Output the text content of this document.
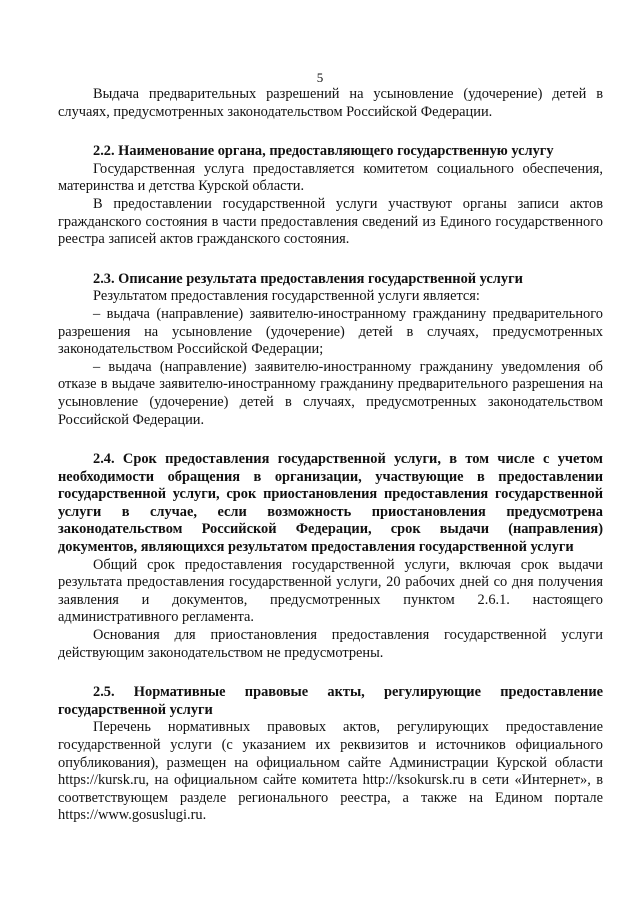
5

Выдача предварительных разрешений на усыновление (удочерение) детей в случаях, предусмотренных законодательством Российской Федерации.

2.2. Наименование органа, предоставляющего государственную услугу

Государственная услуга предоставляется комитетом социального обеспечения, материнства и детства Курской области.

В предоставлении государственной услуги участвуют органы записи актов гражданского состояния в части предоставления сведений из Единого государственного реестра записей актов гражданского состояния.

2.3. Описание результата предоставления государственной услуги

Результатом предоставления государственной услуги является:

– выдача (направление) заявителю-иностранному гражданину предварительного разрешения на усыновление (удочерение) детей в случаях, предусмотренных законодательством Российской Федерации;

– выдача (направление) заявителю-иностранному гражданину уведомления об отказе в выдаче заявителю-иностранному гражданину предварительного разрешения на усыновление (удочерение) детей в случаях, предусмотренных законодательством Российской Федерации.

2.4. Срок предоставления государственной услуги, в том числе с учетом необходимости обращения в организации, участвующие в предоставлении государственной услуги, срок приостановления предоставления государственной услуги в случае, если возможность приостановления предусмотрена законодательством Российской Федерации, срок выдачи (направления) документов, являющихся результатом предоставления государственной услуги

Общий срок предоставления государственной услуги, включая срок выдачи результата предоставления государственной услуги, 20 рабочих дней со дня получения заявления и документов, предусмотренных пунктом 2.6.1. настоящего административного регламента.

Основания для приостановления предоставления государственной услуги действующим законодательством не предусмотрены.

2.5. Нормативные правовые акты, регулирующие предоставление государственной услуги

Перечень нормативных правовых актов, регулирующих предоставление государственной услуги (с указанием их реквизитов и источников официального опубликования), размещен на официальном сайте Администрации Курской области https://kursk.ru, на официальном сайте комитета http://ksokursk.ru в сети «Интернет», в соответствующем разделе регионального реестра, а также на Едином портале https://www.gosuslugi.ru.
